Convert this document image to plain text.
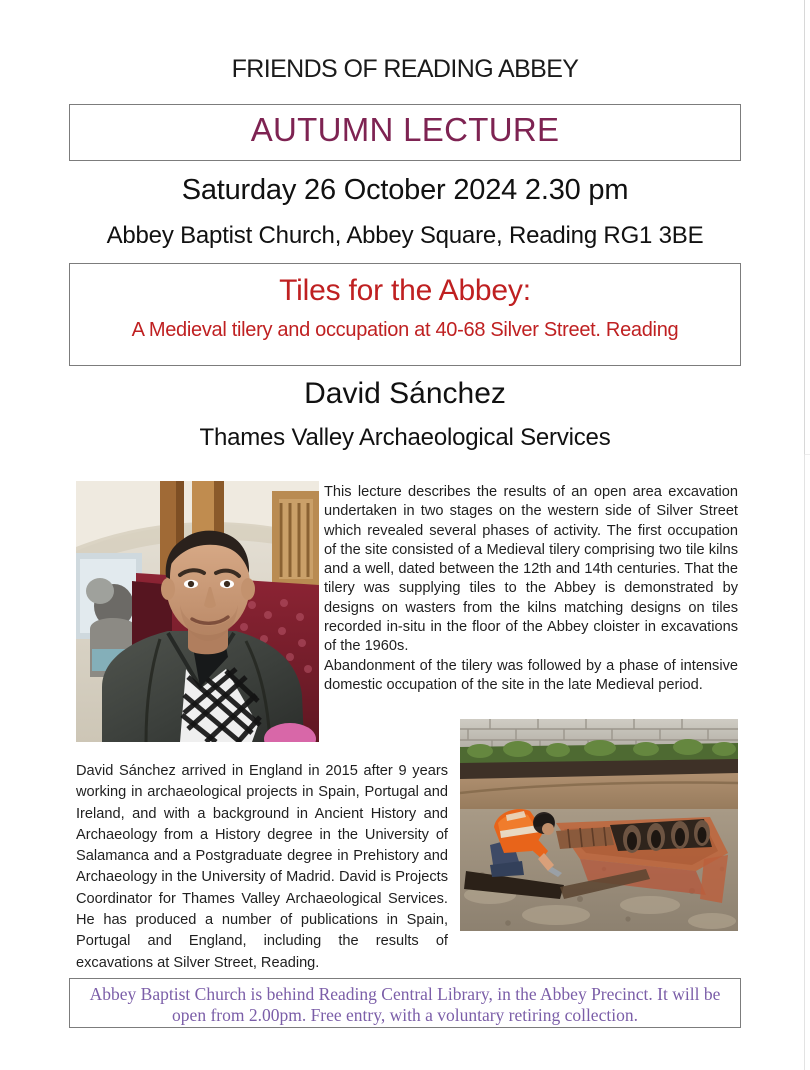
FRIENDS OF READING ABBEY
AUTUMN LECTURE
Saturday 26 October 2024 2.30 pm
Abbey Baptist Church, Abbey Square, Reading RG1 3BE
Tiles for the Abbey:
A Medieval tilery and occupation at 40-68 Silver Street. Reading
David Sánchez
Thames Valley Archaeological Services

This lecture describes the results of an open area excavation undertaken in two stages on the western side of Silver Street which revealed several phases of activity. The first occupation of the site consisted of a Medieval tilery comprising two tile kilns and a well, dated between the 12th and 14th centuries. That the tilery was supplying tiles to the Abbey is demonstrated by designs on wasters from the kilns matching designs on tiles recorded in-situ in the floor of the Abbey cloister in excavations of the 1960s.

Abandonment of the tilery was followed by a phase of intensive domestic occupation of the site in the late Medieval period.

David Sánchez arrived in England in 2015 after 9 years working in archaeological projects in Spain, Portugal and Ireland, and with a background in Ancient History and Archaeology from a History degree in the University of Salamanca and a Postgraduate degree in Prehistory and Archaeology in the University of Madrid. David is Projects Coordinator for Thames Valley Archaeological Services. He has produced a number of publications in Spain, Portugal and England, including the results of excavations at Silver Street, Reading.

Abbey Baptist Church is behind Reading Central Library, in the Abbey Precinct. It will be open from 2.00pm. Free entry, with a voluntary retiring collection.
